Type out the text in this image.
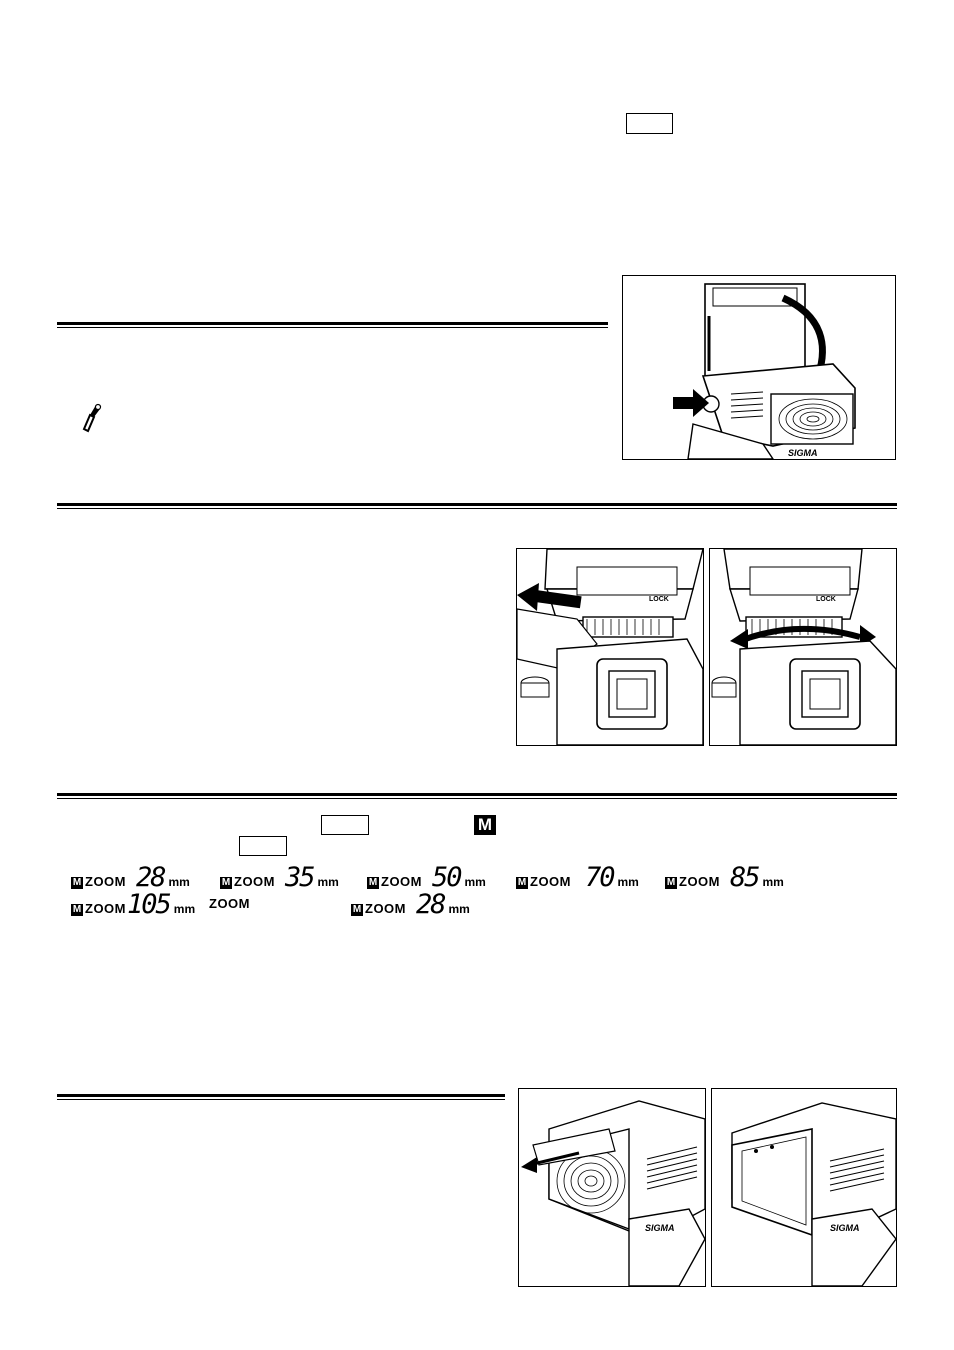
SIGMA
LOCK	LOCK
M
M ZOOM 28 mm	M ZOOM 35 mm	M ZOOM 50 mm	M ZOOM 70 mm	M ZOOM 85 mm
M ZOOM 105 mm ZOOM	M ZOOM 28 mm
SIGMA	SIGMA
